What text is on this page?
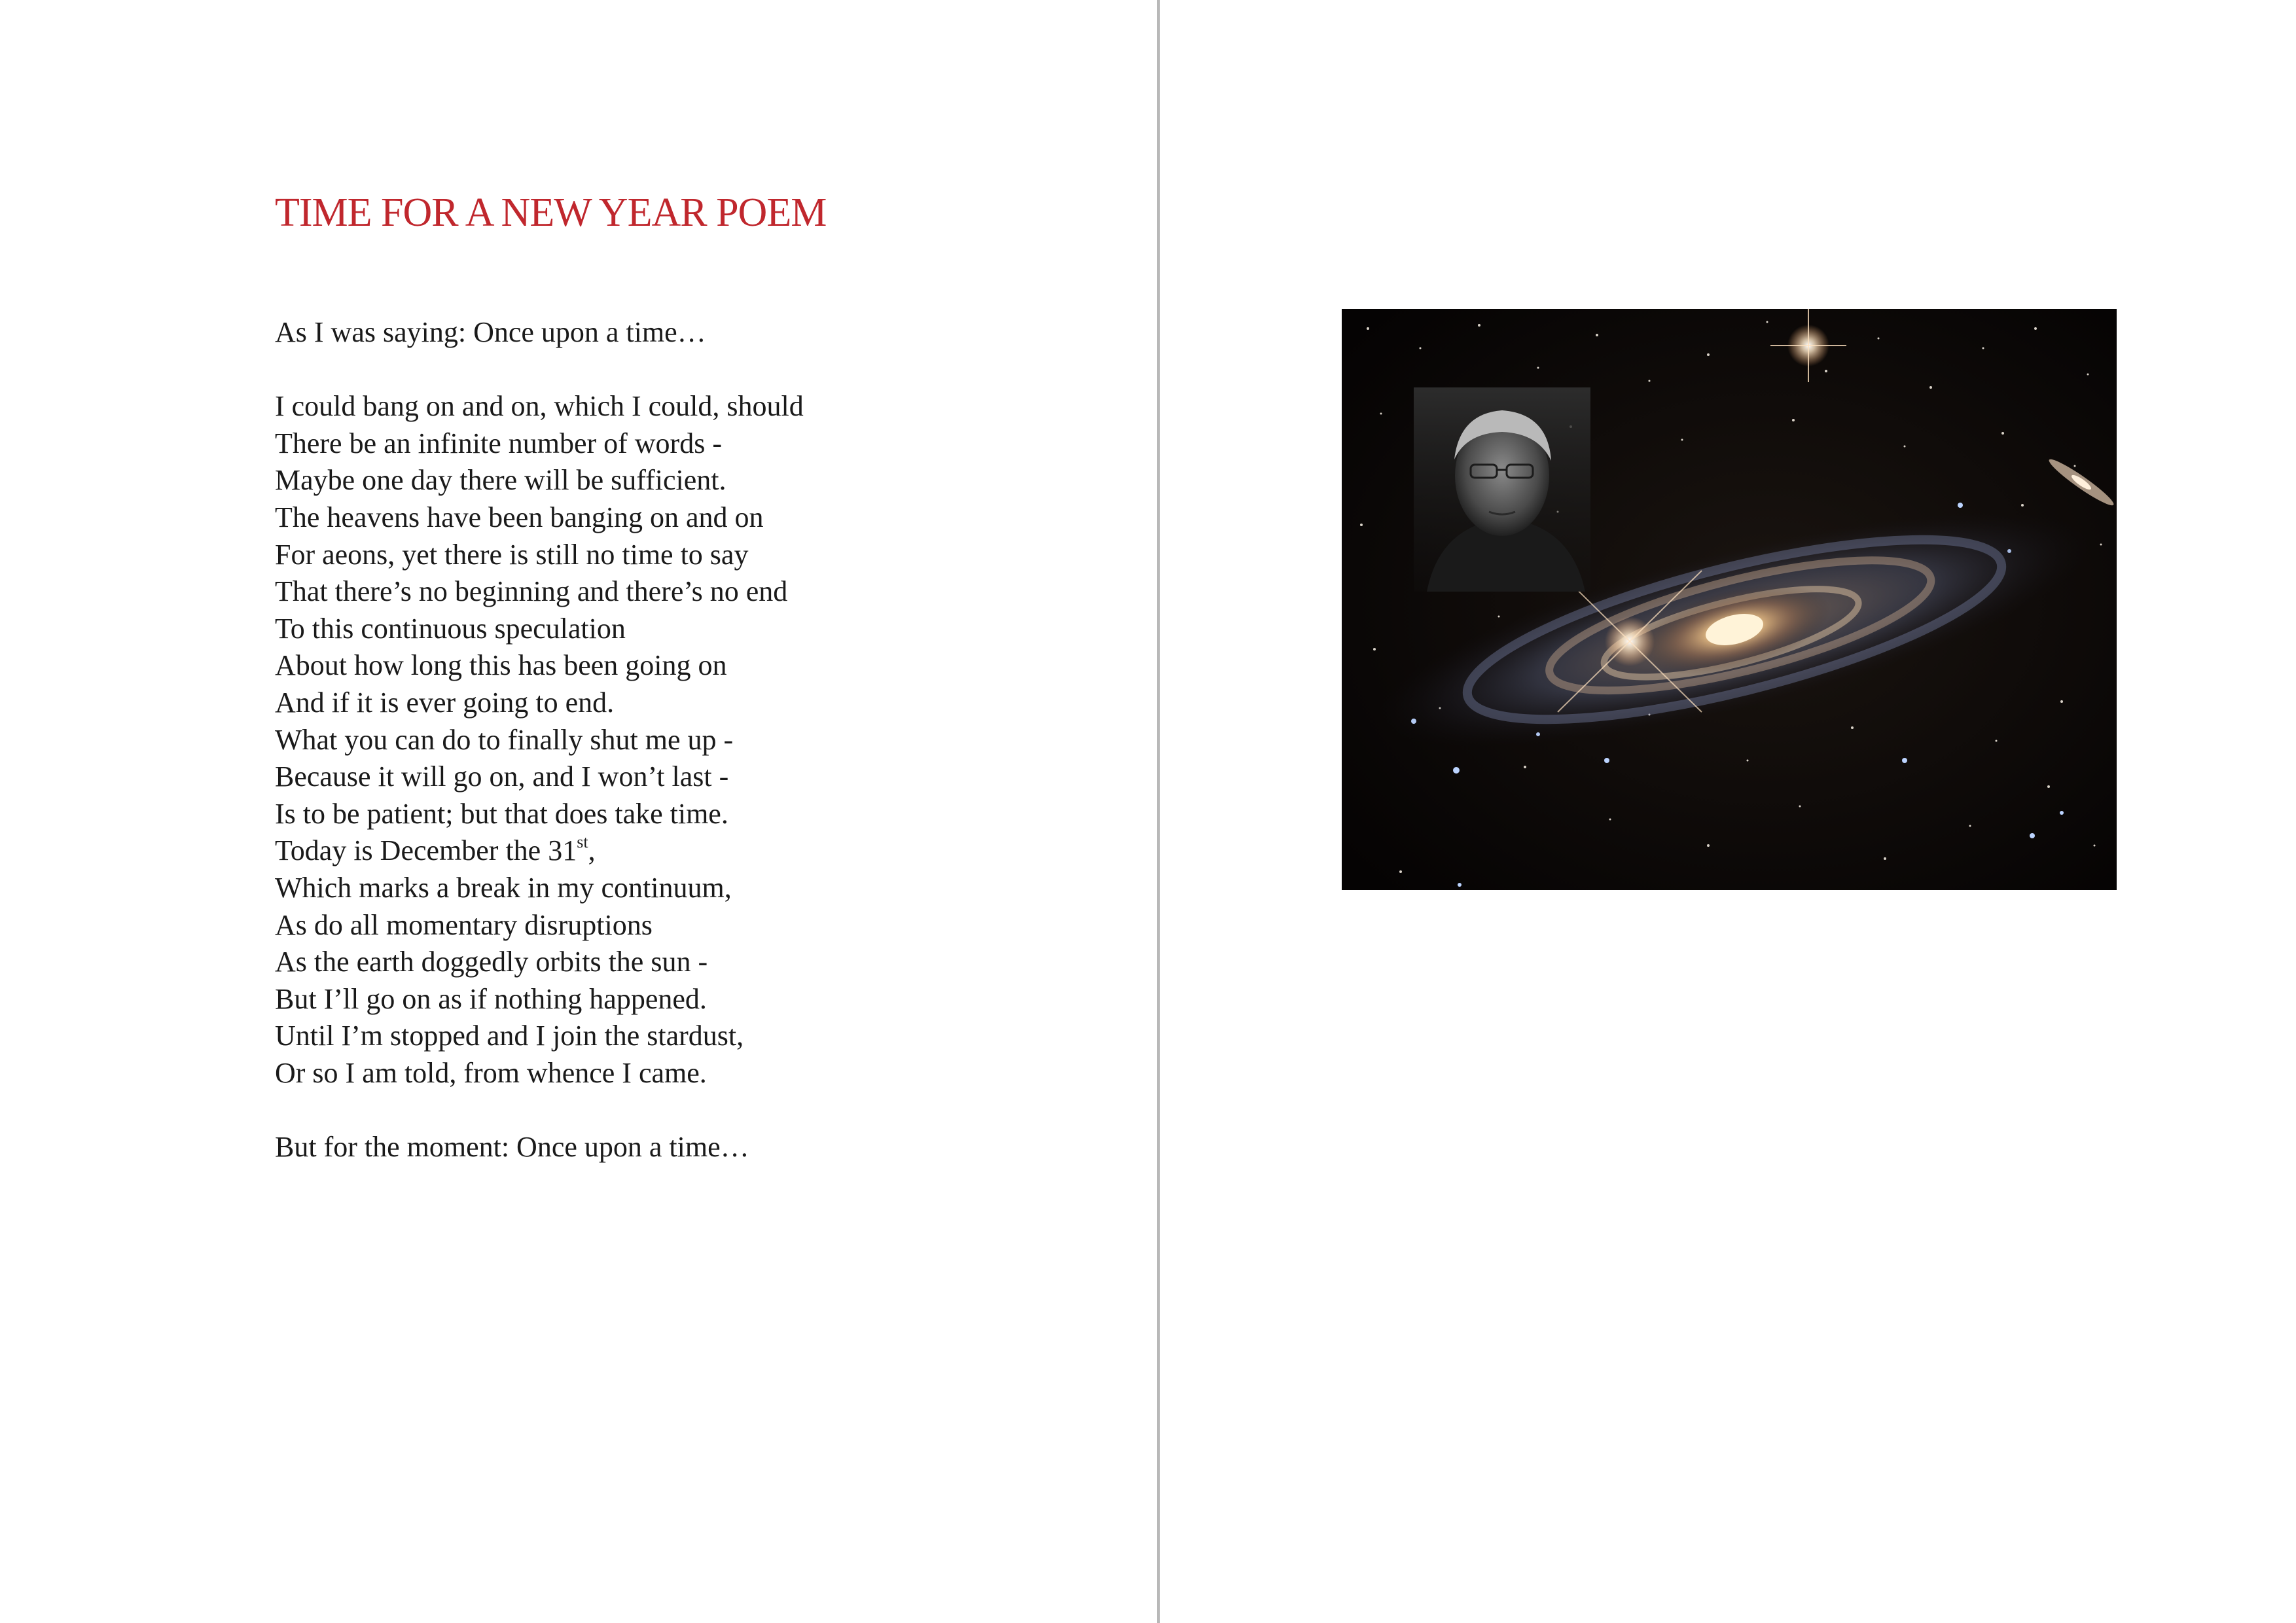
TIME FOR A NEW YEAR POEM
As I was saying: Once upon a time…
I could bang on and on, which I could, should
There be an infinite number of words -
Maybe one day there will be sufficient.
The heavens have been banging on and on
For aeons, yet there is still no time to say
That there’s no beginning and there’s no end
To this continuous speculation
About how long this has been going on
And if it is ever going to end.
What you can do to finally shut me up -
Because it will go on, and I won’t last -
Is to be patient; but that does take time.
Today is December the 31st,
Which marks a break in my continuum,
As do all momentary disruptions
As the earth doggedly orbits the sun -
But I’ll go on as if nothing happened.
Until I’m stopped and I join the stardust,
Or so I am told, from whence I came.
But for the moment: Once upon a time…
